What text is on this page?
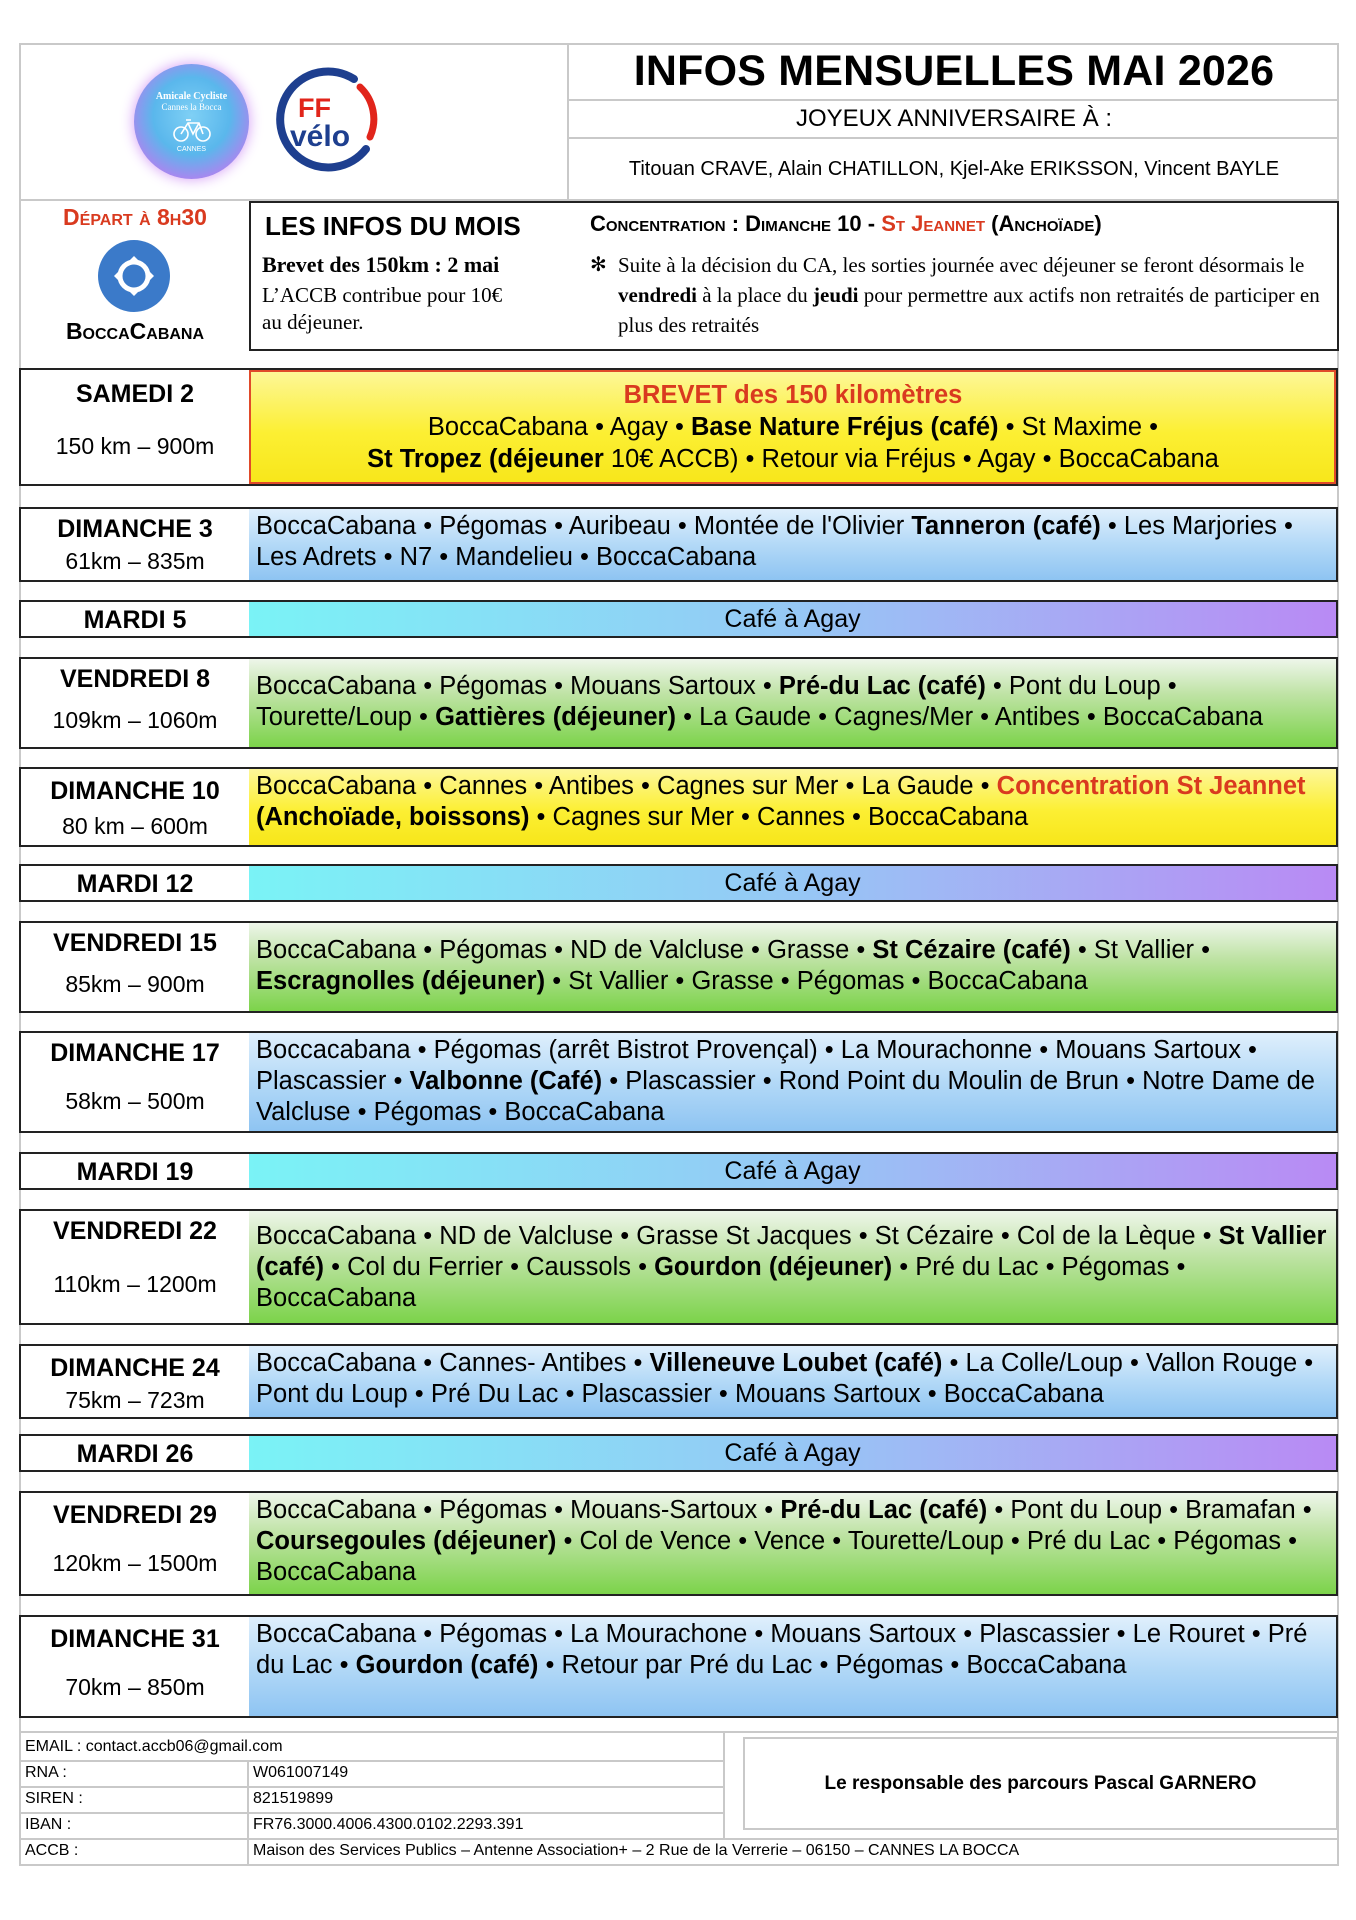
Amicale Cycliste
Cannes la Bocca
CANNES
FF
vélo
INFOS MENSUELLES MAI 2026
JOYEUX ANNIVERSAIRE À :
Titouan CRAVE, Alain CHATILLON, Kjel-Ake ERIKSSON, Vincent BAYLE
Départ à 8h30
BoccaCabana
LES INFOS DU MOIS
Brevet des 150km : 2 mai
L’ACCB contribue pour 10€
au déjeuner.
Concentration : Dimanche 10 - St Jeannet (Anchoïade)
✻ Suite à la décision du CA, les sorties journée avec déjeuner se feront désormais le vendredi à la place du jeudi pour permettre aux actifs non retraités de participer en plus des retraités
SAMEDI 2
150 km – 900m
BREVET des 150 kilomètres
BoccaCabana • Agay • Base Nature Fréjus (café) • St Maxime •
St Tropez (déjeuner 10€ ACCB) • Retour via Fréjus • Agay • BoccaCabana
DIMANCHE 3
61km – 835m
BoccaCabana • Pégomas • Auribeau • Montée de l'Olivier Tanneron (café) • Les Marjories • Les Adrets • N7 • Mandelieu • BoccaCabana
MARDI 5	Café à Agay
VENDREDI 8
109km – 1060m
BoccaCabana • Pégomas • Mouans Sartoux • Pré-du Lac (café) • Pont du Loup • Tourette/Loup • Gattières (déjeuner) • La Gaude • Cagnes/Mer • Antibes • BoccaCabana
DIMANCHE 10
80 km – 600m
BoccaCabana • Cannes • Antibes • Cagnes sur Mer • La Gaude • Concentration St Jeannet (Anchoïade, boissons) • Cagnes sur Mer • Cannes • BoccaCabana
MARDI 12	Café à Agay
VENDREDI 15
85km – 900m
BoccaCabana • Pégomas • ND de Valcluse • Grasse • St Cézaire (café) • St Vallier • Escragnolles (déjeuner) • St Vallier • Grasse • Pégomas • BoccaCabana
DIMANCHE 17
58km – 500m
Boccacabana • Pégomas (arrêt Bistrot Provençal) • La Mourachonne • Mouans Sartoux • Plascassier • Valbonne (Café) • Plascassier • Rond Point du Moulin de Brun • Notre Dame de Valcluse • Pégomas • BoccaCabana
MARDI 19	Café à Agay
VENDREDI 22
110km – 1200m
BoccaCabana • ND de Valcluse • Grasse St Jacques • St Cézaire • Col de la Lèque • St Vallier (café) • Col du Ferrier • Caussols • Gourdon (déjeuner) • Pré du Lac • Pégomas • BoccaCabana
DIMANCHE 24
75km – 723m
BoccaCabana • Cannes- Antibes • Villeneuve Loubet (café) • La Colle/Loup • Vallon Rouge • Pont du Loup • Pré Du Lac • Plascassier • Mouans Sartoux • BoccaCabana
MARDI 26	Café à Agay
VENDREDI 29
120km – 1500m
BoccaCabana • Pégomas • Mouans-Sartoux • Pré-du Lac (café) • Pont du Loup • Bramafan • Coursegoules (déjeuner) • Col de Vence • Vence • Tourette/Loup • Pré du Lac • Pégomas • BoccaCabana
DIMANCHE 31
70km – 850m
BoccaCabana • Pégomas • La Mourachone • Mouans Sartoux • Plascassier • Le Rouret • Pré du Lac • Gourdon (café) • Retour par Pré du Lac • Pégomas • BoccaCabana
EMAIL : contact.accb06@gmail.com
RNA :	W061007149
SIREN :	821519899
IBAN :	FR76.3000.4006.4300.0102.2293.391
ACCB :	Maison des Services Publics – Antenne Association+ – 2 Rue de la Verrerie – 06150 – CANNES LA BOCCA
Le responsable des parcours Pascal GARNERO
